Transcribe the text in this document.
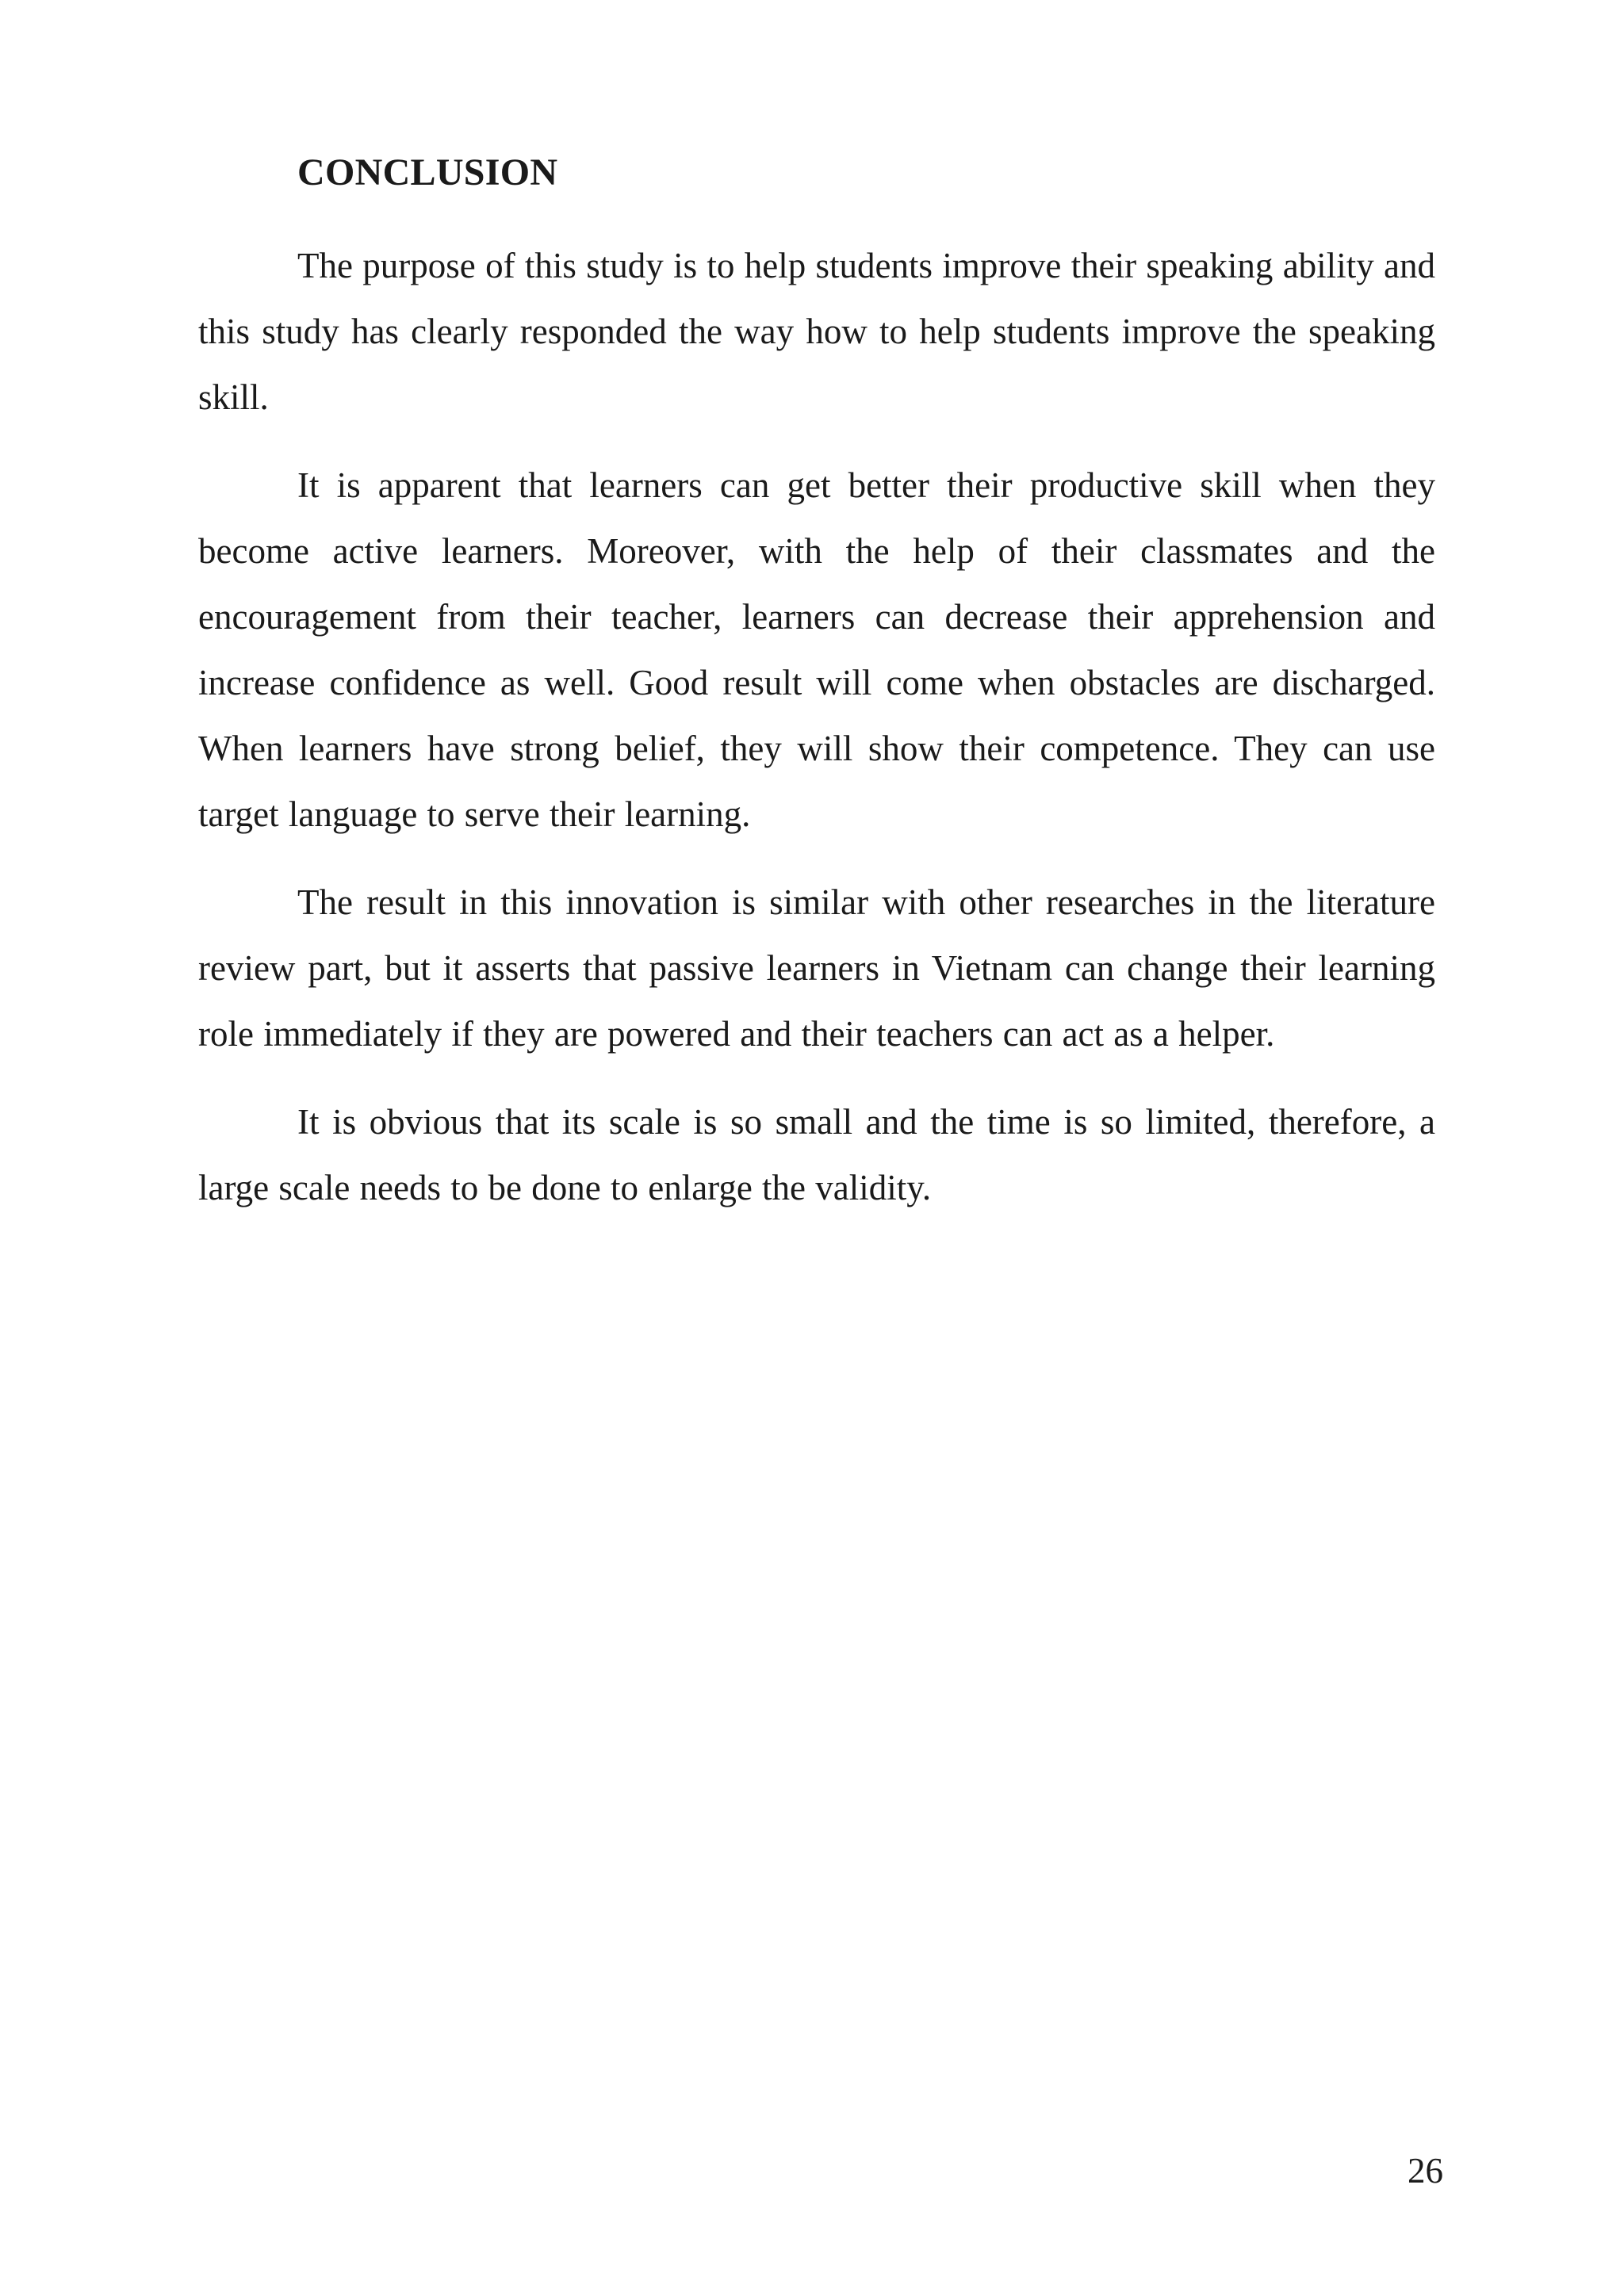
CONCLUSION

The purpose of this study is to help students improve their speaking ability and this study has clearly responded the way how to help students improve the speaking skill.

It is apparent that learners can get better their productive skill when they become active learners. Moreover, with the help of their classmates and the encouragement from their teacher, learners can decrease their apprehension and increase confidence as well. Good result will come when obstacles are discharged. When learners have strong belief, they will show their competence. They can use target language to serve their learning.

The result in this innovation is similar with other researches in the literature review part, but it asserts that passive learners in Vietnam can change their learning role immediately if they are powered and their teachers can act as a helper.

It is obvious that its scale is so small and the time is so limited, therefore, a large scale needs to be done to enlarge the validity.

26
